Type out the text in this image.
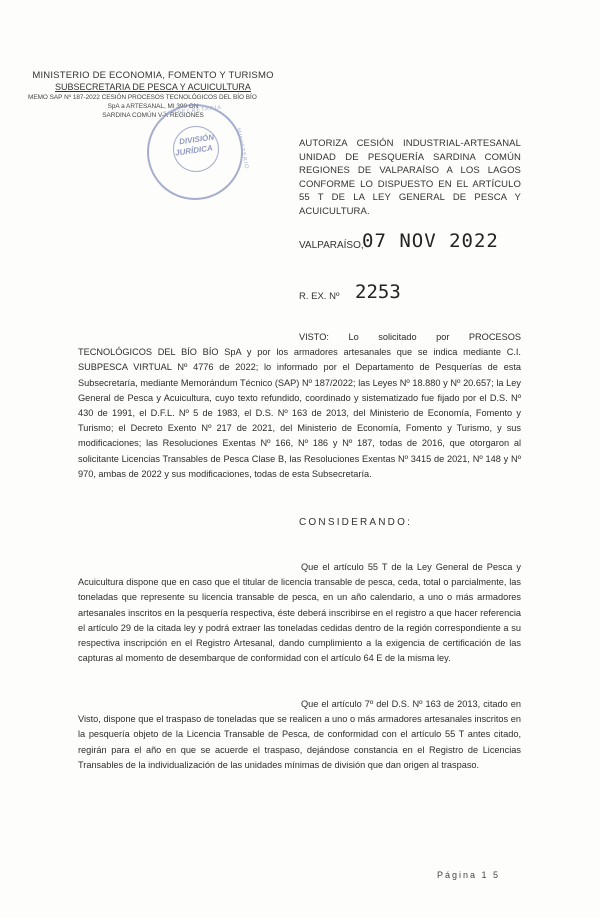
MINISTERIO DE ECONOMIA, FOMENTO Y TURISMO
SUBSECRETARIA DE PESCA Y ACUICULTURA
MEMO SAP Nº 187-2022 CESIÓN PROCESOS TECNOLÓGICOS DEL BÍO BÍO
SpA a ARTESANAL, MI 390 ON
SARDINA COMÚN V-X REGIONES
SUBSECRETARÍA
MINISTERIO
DIVISIÓN
JURÍDICA	AUTORIZA CESIÓN INDUSTRIAL-ARTESANAL UNIDAD DE PESQUERÍA SARDINA COMÚN REGIONES DE VALPARAÍSO A LOS LAGOS CONFORME LO DISPUESTO EN EL ARTÍCULO 55 T DE LA LEY GENERAL DE PESCA Y ACUICULTURA.
VALPARAÍSO,
07 NOV 2022
R. EX. Nº 2253
VISTO: Lo solicitado por PROCESOS TECNOLÓGICOS DEL BÍO BÍO SpA y por los armadores artesanales que se indica mediante C.I. SUBPESCA VIRTUAL Nº 4776 de 2022; lo informado por el Departamento de Pesquerías de esta Subsecretaría, mediante Memorándum Técnico (SAP) Nº 187/2022; las Leyes Nº 18.880 y Nº 20.657; la Ley General de Pesca y Acuicultura, cuyo texto refundido, coordinado y sistematizado fue fijado por el D.S. Nº 430 de 1991, el D.F.L. Nº 5 de 1983, el D.S. Nº 163 de 2013, del Ministerio de Economía, Fomento y Turismo; el Decreto Exento Nº 217 de 2021, del Ministerio de Economía, Fomento y Turismo, y sus modificaciones; las Resoluciones Exentas Nº 166, Nº 186 y Nº 187, todas de 2016, que otorgaron al solicitante Licencias Transables de Pesca Clase B, las Resoluciones Exentas Nº 3415 de 2021, Nº 148 y Nº 970, ambas de 2022 y sus modificaciones, todas de esta Subsecretaría.
CONSIDERANDO:
Que el artículo 55 T de la Ley General de Pesca y Acuicultura dispone que en caso que el titular de licencia transable de pesca, ceda, total o parcialmente, las toneladas que represente su licencia transable de pesca, en un año calendario, a uno o más armadores artesanales inscritos en la pesquería respectiva, éste deberá inscribirse en el registro a que hacer referencia el artículo 29 de la citada ley y podrá extraer las toneladas cedidas dentro de la región correspondiente a su respectiva inscripción en el Registro Artesanal, dando cumplimiento a la exigencia de certificación de las capturas al momento de desembarque de conformidad con el artículo 64 E de la misma ley.
Que el artículo 7º del D.S. Nº 163 de 2013, citado en Visto, dispone que el traspaso de toneladas que se realicen a uno o más armadores artesanales inscritos en la pesquería objeto de la Licencia Transable de Pesca, de conformidad con el artículo 55 T antes citado, regirán para el año en que se acuerde el traspaso, dejándose constancia en el Registro de Licencias Transables de la individualización de las unidades mínimas de división que dan origen al traspaso.
Página 1 5
